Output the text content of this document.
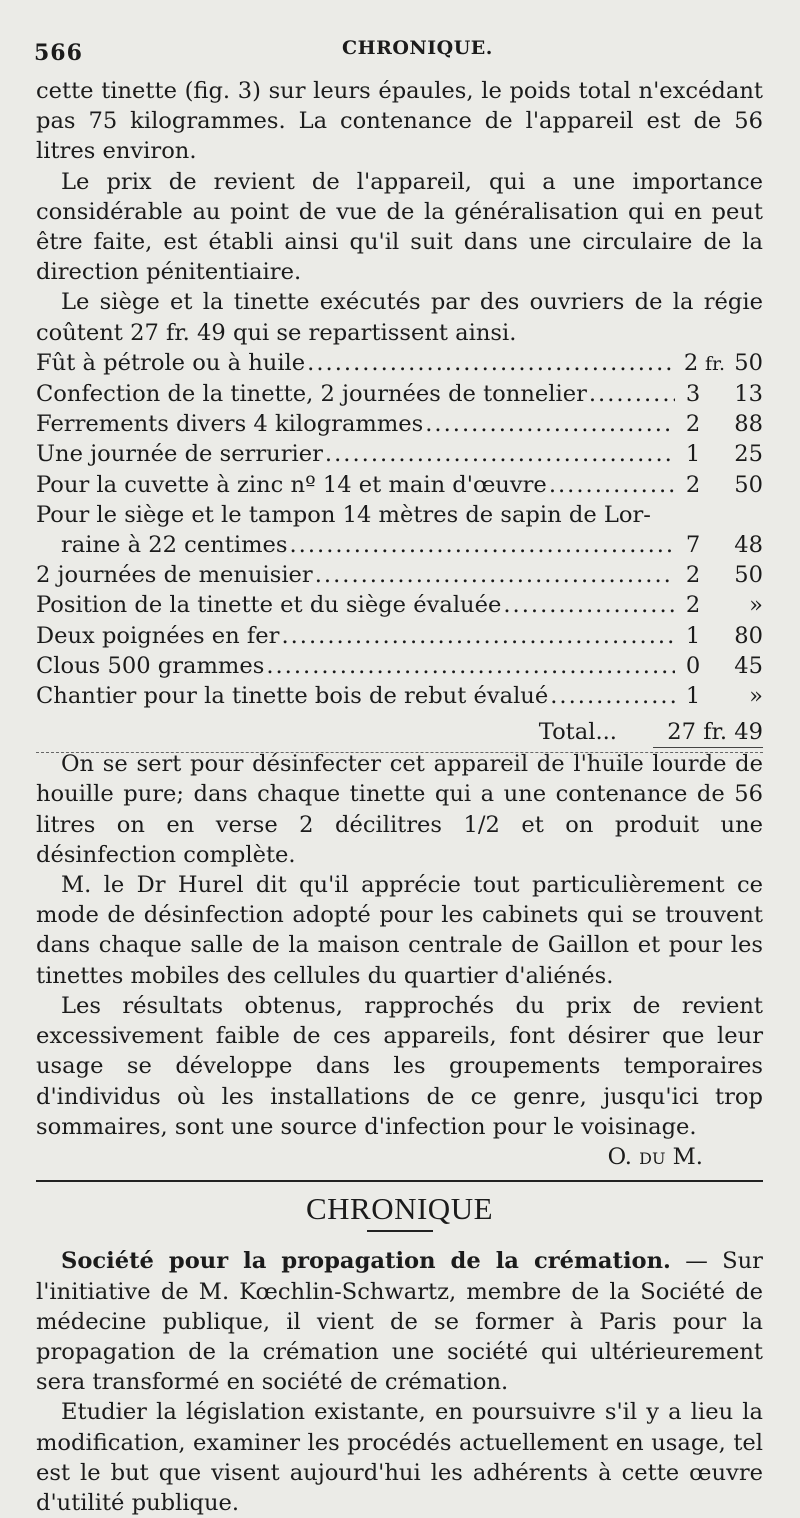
566	CHRONIQUE.

cette tinette (fig. 3) sur leurs épaules, le poids total n'excédant pas 75 kilogrammes. La contenance de l'appareil est de 56 litres environ.

Le prix de revient de l'appareil, qui a une importance considérable au point de vue de la généralisation qui en peut être faite, est établi ainsi qu'il suit dans une circulaire de la direction pénitentiaire.

Le siège et la tinette exécutés par des ouvriers de la régie coûtent 27 fr. 49 qui se repartissent ainsi.

Fût à pétrole ou à huile .....	2 fr. 50
Confection de la tinette, 2 journées de tonnelier .....	3 13
Ferrements divers 4 kilogrammes .....	2 88
Une journée de serrurier .....	1 25
Pour la cuvette à zinc nº 14 et main d'œuvre .....	2 50
Pour le siège et le tampon 14 mètres de sapin de Lor-
raine à 22 centimes .....	7 48
2 journées de menuisier .....	2 50
Position de la tinette et du siège évaluée .....	2	»
Deux poignées en fer .....	1 80
Clous 500 grammes .....	0 45
Chantier pour la tinette bois de rebut évalué .....	1	»
Total...	27 fr. 49

On se sert pour désinfecter cet appareil de l'huile lourde de houille pure; dans chaque tinette qui a une contenance de 56 litres on en verse 2 décilitres 1/2 et on produit une désinfection complète.

M. le Dr Hurel dit qu'il apprécie tout particulièrement ce mode de désinfection adopté pour les cabinets qui se trouvent dans chaque salle de la maison centrale de Gaillon et pour les tinettes mobiles des cellules du quartier d'aliénés.

Les résultats obtenus, rapprochés du prix de revient excessivement faible de ces appareils, font désirer que leur usage se développe dans les groupements temporaires d'individus où les installations de ce genre, jusqu'ici trop sommaires, sont une source d'infection pour le voisinage.

O. du M.
CHRONIQUE

Société pour la propagation de la crémation. — Sur l'initiative de M. Kœchlin-Schwartz, membre de la Société de médecine publique, il vient de se former à Paris pour la propagation de la crémation une société qui ultérieurement sera transformé en société de crémation.

Etudier la législation existante, en poursuivre s'il y a lieu la modification, examiner les procédés actuellement en usage, tel est le but que visent aujourd'hui les adhérents à cette œuvre d'utilité publique.
